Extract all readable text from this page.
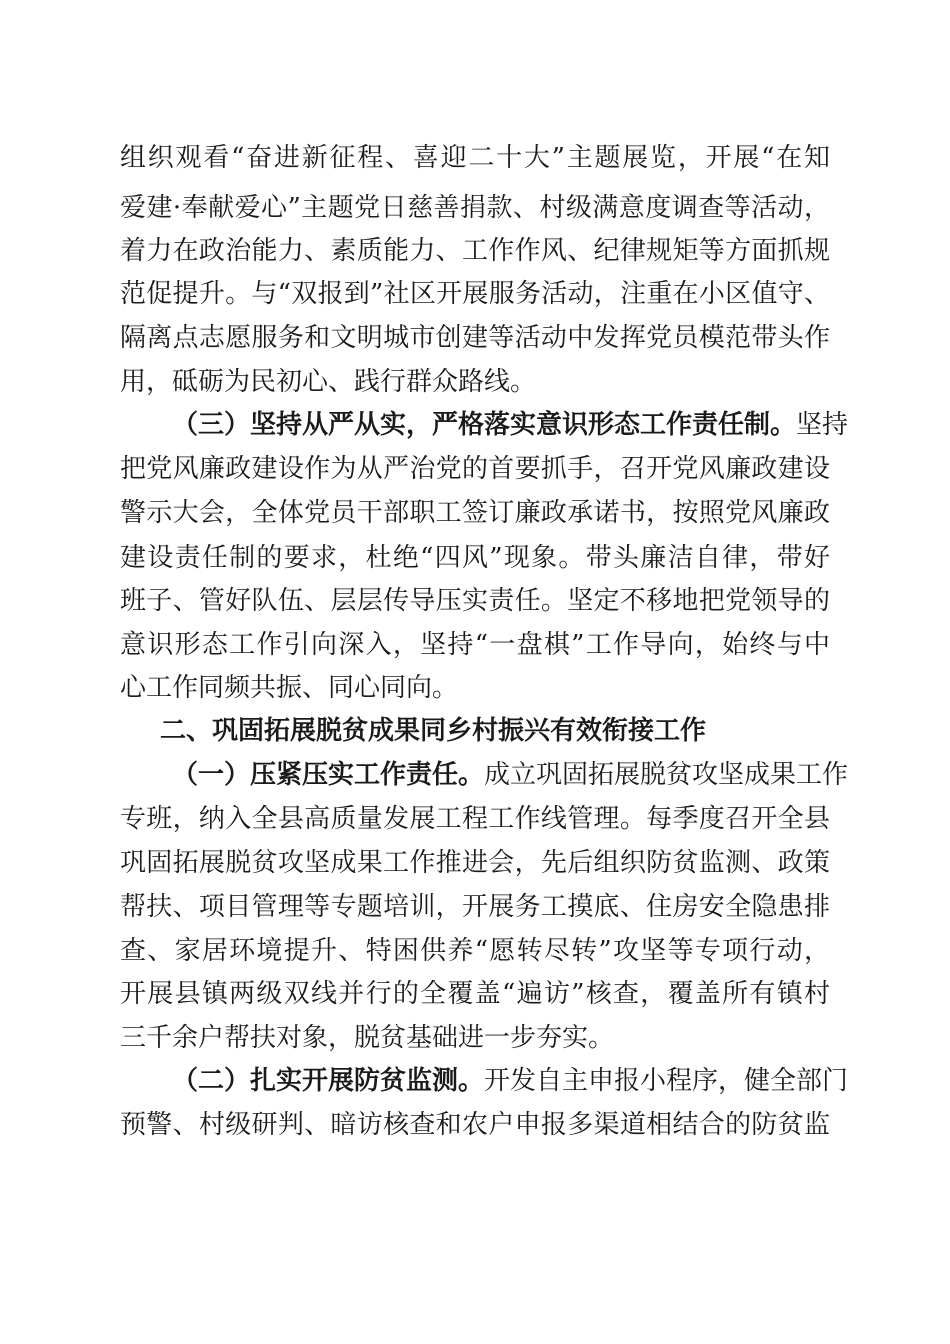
组织观看“奋进新征程、喜迎二十大”主题展览，开展“在知
爱建·奉献爱心”主题党日慈善捐款、村级满意度调查等活动，
着力在政治能力、素质能力、工作作风、纪律规矩等方面抓规
范促提升。与“双报到”社区开展服务活动，注重在小区值守、
隔离点志愿服务和文明城市创建等活动中发挥党员模范带头作
用，砥砺为民初心、践行群众路线。
（三）坚持从严从实，严格落实意识形态工作责任制。坚持
把党风廉政建设作为从严治党的首要抓手，召开党风廉政建设
警示大会，全体党员干部职工签订廉政承诺书，按照党风廉政
建设责任制的要求，杜绝“四风”现象。带头廉洁自律，带好
班子、管好队伍、层层传导压实责任。坚定不移地把党领导的
意识形态工作引向深入，坚持“一盘棋”工作导向，始终与中
心工作同频共振、同心同向。
二、巩固拓展脱贫成果同乡村振兴有效衔接工作
（一）压紧压实工作责任。成立巩固拓展脱贫攻坚成果工作
专班，纳入全县高质量发展工程工作线管理。每季度召开全县
巩固拓展脱贫攻坚成果工作推进会，先后组织防贫监测、政策
帮扶、项目管理等专题培训，开展务工摸底、住房安全隐患排
查、家居环境提升、特困供养“愿转尽转”攻坚等专项行动，
开展县镇两级双线并行的全覆盖“遍访”核查，覆盖所有镇村
三千余户帮扶对象，脱贫基础进一步夯实。
（二）扎实开展防贫监测。开发自主申报小程序，健全部门
预警、村级研判、暗访核查和农户申报多渠道相结合的防贫监
